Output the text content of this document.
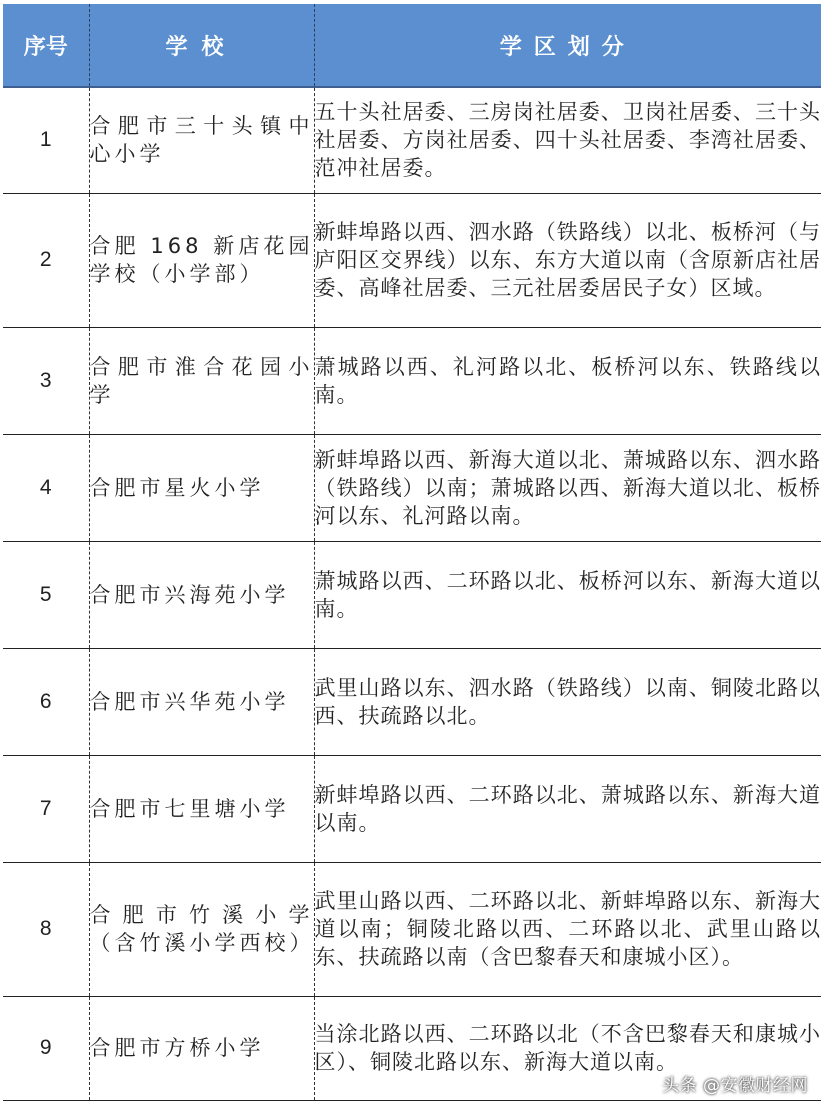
序号	学校	学区划分
1	合肥市三十头镇中心小学	五十头社居委、三房岗社居委、卫岗社居委、三十头社居委、方岗社居委、四十头社居委、李湾社居委、范冲社居委。

2	合肥 168 新店花园学校（小学部）	新蚌埠路以西、泗水路（铁路线）以北、板桥河（与庐阳区交界线）以东、东方大道以南（含原新店社居委、高峰社居委、三元社居委居民子女）区域。

3	合肥市淮合花园小学	萧城路以西、礼河路以北、板桥河以东、铁路线以南。

4	合肥市星火小学	新蚌埠路以西、新海大道以北、萧城路以东、泗水路（铁路线）以南；萧城路以西、新海大道以北、板桥河以东、礼河路以南。

5	合肥市兴海苑小学	萧城路以西、二环路以北、板桥河以东、新海大道以南。

6	合肥市兴华苑小学	武里山路以东、泗水路（铁路线）以南、铜陵北路以西、扶疏路以北。

7	合肥市七里塘小学	新蚌埠路以西、二环路以北、萧城路以东、新海大道以南。

8	合肥市竹溪小学（含竹溪小学西校）	武里山路以西、二环路以北、新蚌埠路以东、新海大道以南；铜陵北路以西、二环路以北、武里山路以东、扶疏路以南（含巴黎春天和康城小区）。

9	合肥市方桥小学	当涂北路以西、二环路以北（不含巴黎春天和康城小区）、铜陵北路以东、新海大道以南。
头条 @安徽财经网
